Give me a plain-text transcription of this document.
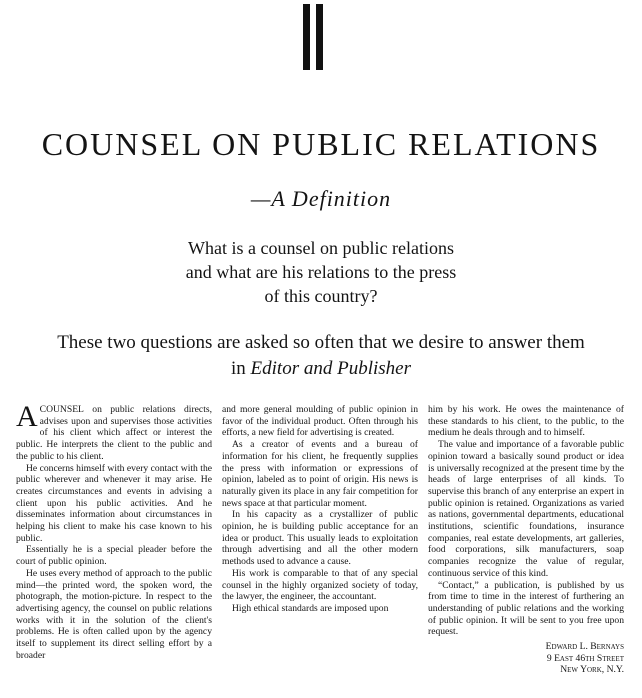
COUNSEL ON PUBLIC RELATIONS
—A Definition
What is a counsel on public relations
and what are his relations to the press
of this country?
These two questions are asked so often that we desire to answer them
in Editor and Publisher

ACOUNSEL on public relations directs, advises upon and supervises those activities of his client which affect or interest the public. He interprets the client to the public and the public to his client.

He concerns himself with every contact with the public wherever and whenever it may arise. He creates circumstances and events in advising a client upon his public activities. And he disseminates information about circumstances in helping his client to make his case known to his public.

Essentially he is a special pleader before the court of public opinion.

He uses every method of approach to the public mind—the printed word, the spoken word, the photograph, the motion-picture. In respect to the advertising agency, the counsel on public relations works with it in the solution of the client's problems. He is often called upon by the agency itself to supplement its direct selling effort by a broader

and more general moulding of public opinion in favor of the individual product. Often through his efforts, a new field for advertising is created.

As a creator of events and a bureau of information for his client, he frequently supplies the press with information or expressions of opinion, labeled as to point of origin. His news is naturally given its place in any fair competition for news space at that particular moment.

In his capacity as a crystallizer of public opinion, he is building public acceptance for an idea or product. This usually leads to exploitation through advertising and all the other modern methods used to advance a cause.

His work is comparable to that of any special counsel in the highly organized society of today, the lawyer, the engineer, the accountant.

High ethical standards are imposed upon

him by his work. He owes the maintenance of these standards to his client, to the public, to the medium he deals through and to himself.

The value and importance of a favorable public opinion toward a basically sound product or idea is universally recognized at the present time by the heads of large enterprises of all kinds. To supervise this branch of any enterprise an expert in public opinion is retained. Organizations as varied as nations, governmental departments, educational institutions, scientific foundations, insurance companies, real estate developments, art galleries, food corporations, silk manufacturers, soap companies recognize the value of regular, continuous service of this kind.

“Contact,” a publication, is published by us from time to time in the interest of furthering an understanding of public relations and the working of public opinion. It will be sent to you free upon request.

Edward L. Bernays
9 East 46th Street
New York, N.Y.
